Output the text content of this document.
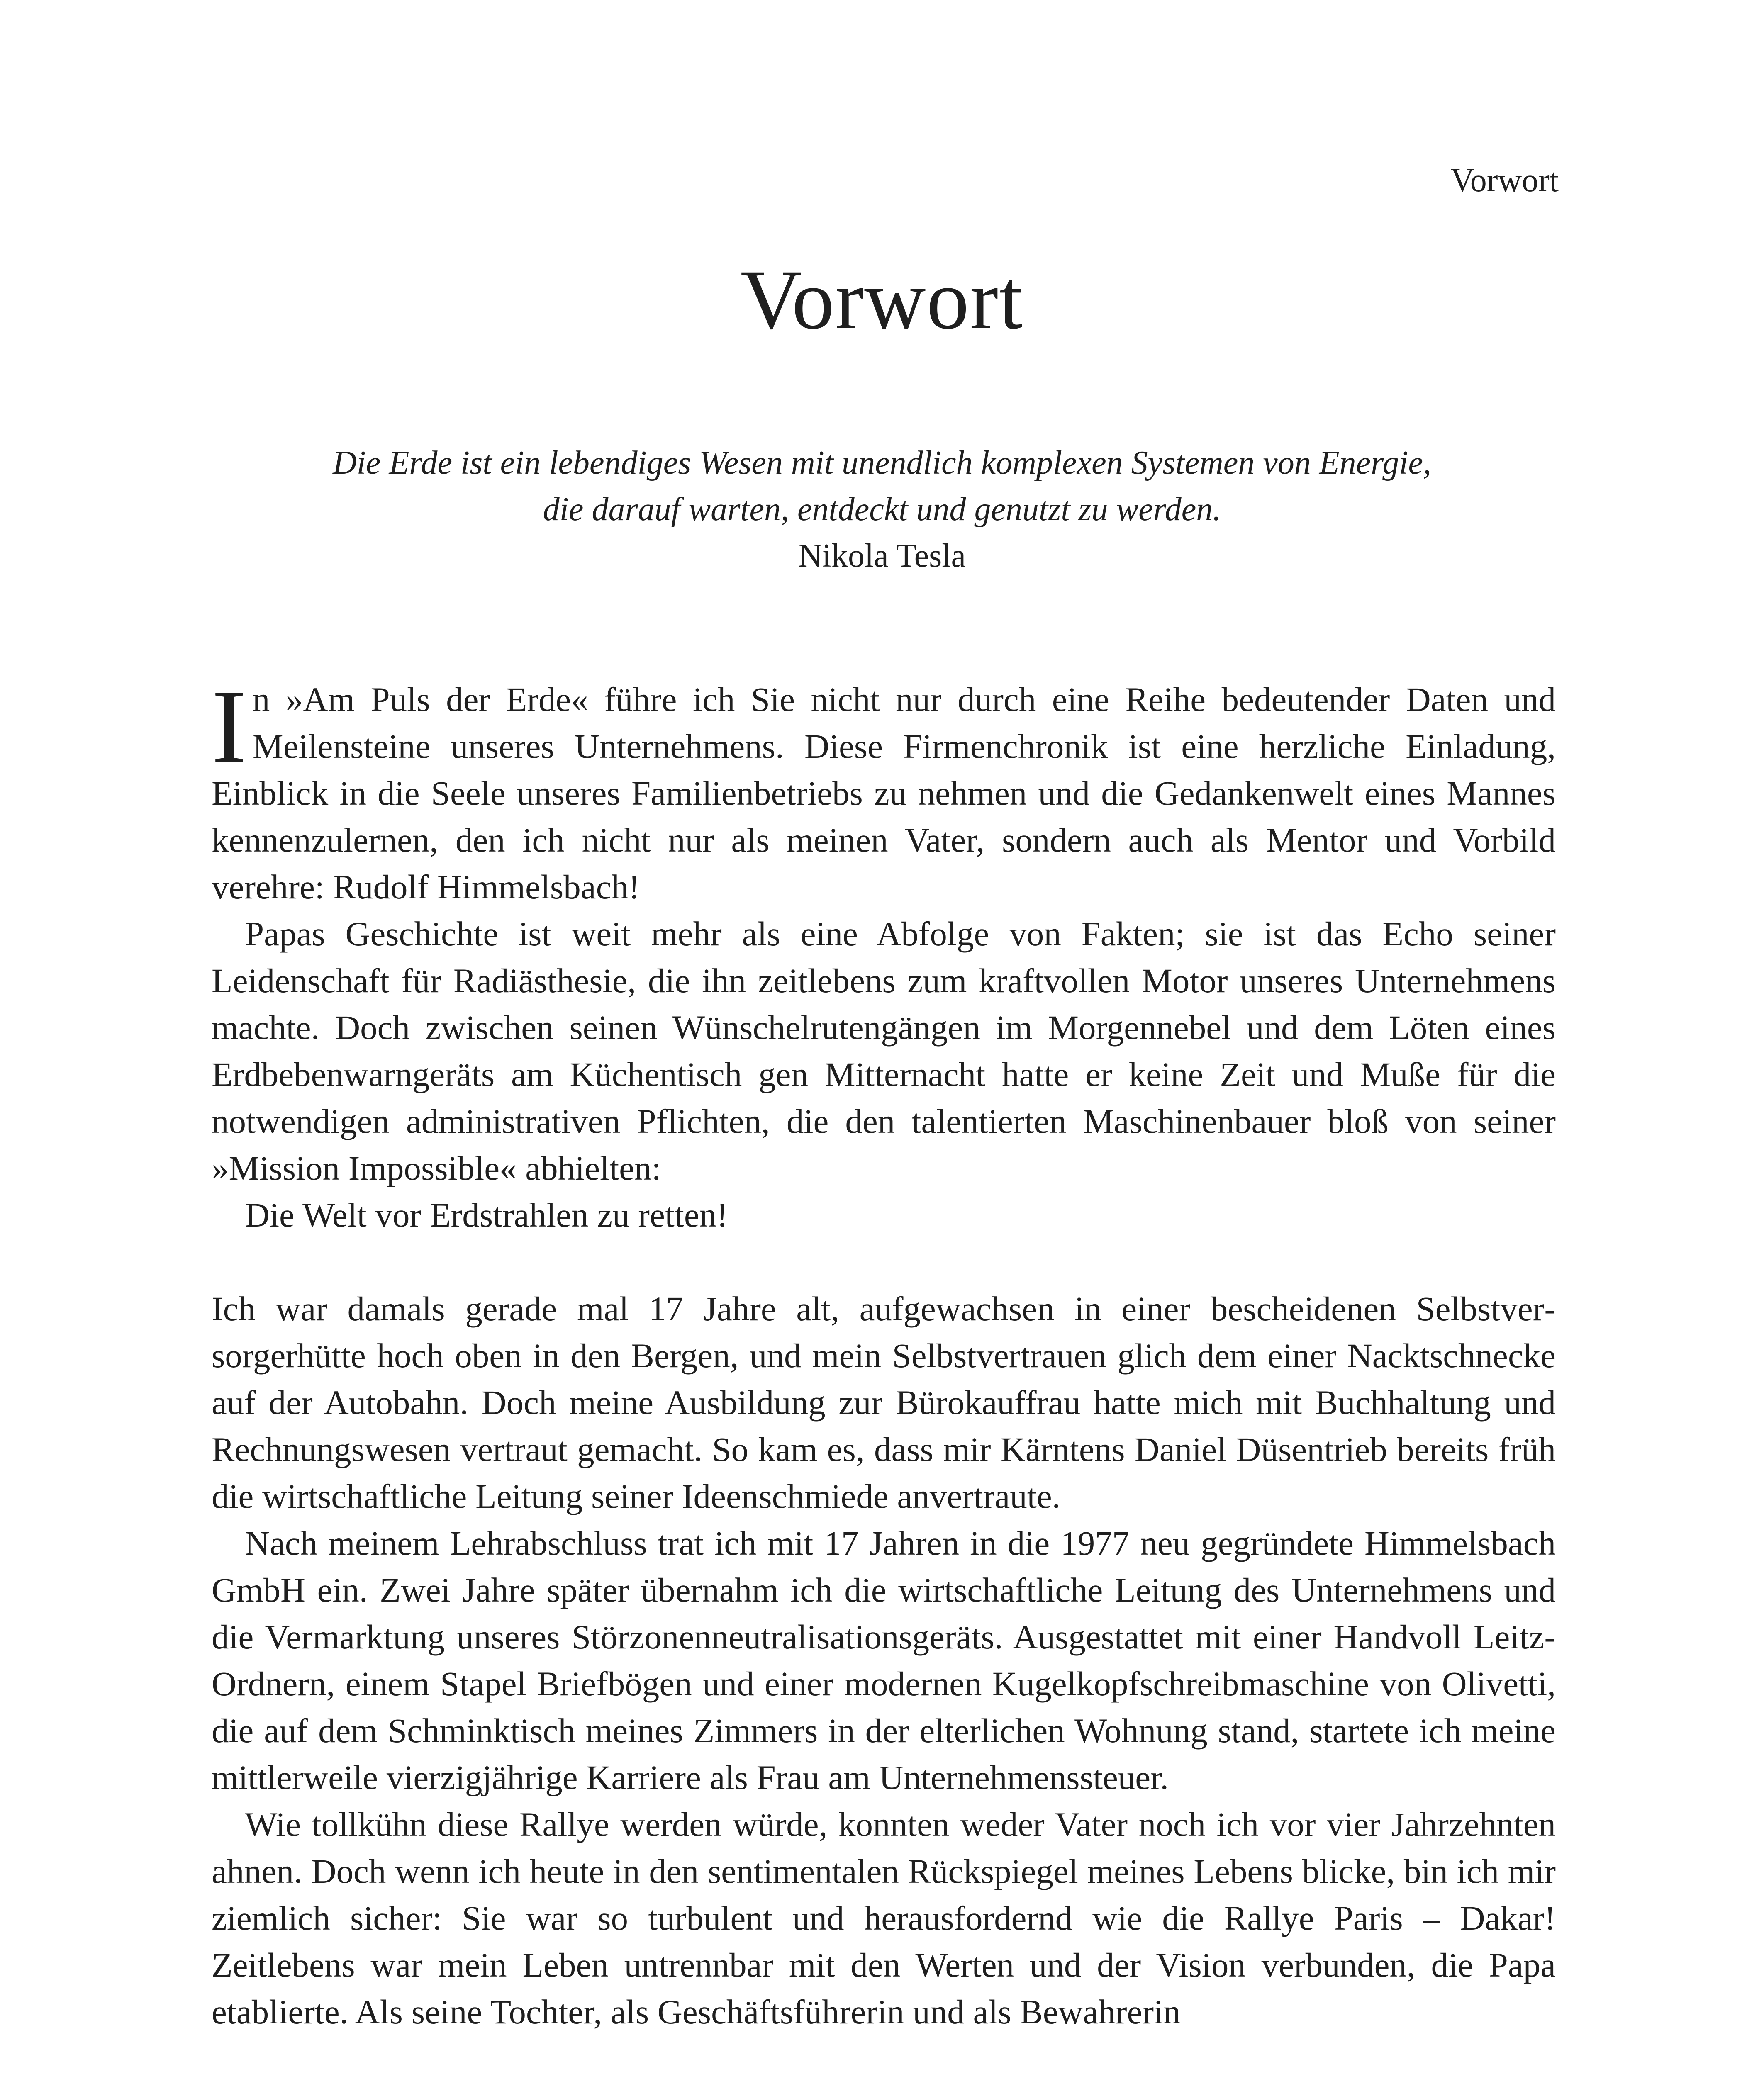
Vorwort
Vorwort
Die Erde ist ein lebendiges Wesen mit unendlich komplexen Systemen von Energie,
die darauf warten, entdeckt und genutzt zu werden.
Nikola Tesla

In »Am Puls der Erde« führe ich Sie nicht nur durch eine Reihe bedeutender Daten und Meilensteine unseres Unternehmens. Diese Firmenchronik ist eine herzliche Einladung, Einblick in die Seele unseres Familienbetriebs zu nehmen und die Gedankenwelt eines Mannes kennenzulernen, den ich nicht nur als meinen Vater, sondern auch als Mentor und Vorbild verehre: Rudolf Himmelsbach!

Papas Geschichte ist weit mehr als eine Abfolge von Fakten; sie ist das Echo seiner Leidenschaft für Radiästhesie, die ihn zeitlebens zum kraftvollen Motor unseres Unternehmens machte. Doch zwischen seinen Wünschelrutengängen im Morgennebel und dem Löten eines Erdbebenwarngeräts am Küchentisch gen Mitternacht hatte er keine Zeit und Muße für die notwendigen administrativen Pflichten, die den talentierten Maschinenbauer bloß von seiner »Mission Impossible« abhielten:

Die Welt vor Erdstrahlen zu retten!

Ich war damals gerade mal 17 Jahre alt, aufgewachsen in einer bescheidenen Selbstversorgerhütte hoch oben in den Bergen, und mein Selbstvertrauen glich dem einer Nacktschnecke auf der Autobahn. Doch meine Ausbildung zur Bürokauffrau hatte mich mit Buchhaltung und Rechnungswesen vertraut gemacht. So kam es, dass mir Kärntens Daniel Düsentrieb bereits früh die wirtschaftliche Leitung seiner Ideenschmiede anvertraute.

Nach meinem Lehrabschluss trat ich mit 17 Jahren in die 1977 neu gegründete Himmelsbach GmbH ein. Zwei Jahre später übernahm ich die wirtschaftliche Leitung des Unternehmens und die Vermarktung unseres Störzonenneutralisationsgeräts. Ausgestattet mit einer Handvoll Leitz-Ordnern, einem Stapel Briefbögen und einer modernen Kugelkopfschreibmaschine von Olivetti, die auf dem Schminktisch meines Zimmers in der elterlichen Wohnung stand, startete ich meine mittlerweile vierzigjährige Karriere als Frau am Unternehmenssteuer.

Wie tollkühn diese Rallye werden würde, konnten weder Vater noch ich vor vier Jahrzehnten ahnen. Doch wenn ich heute in den sentimentalen Rückspiegel meines Lebens blicke, bin ich mir ziemlich sicher: Sie war so turbulent und herausfordernd wie die Rallye Paris – Dakar! Zeitlebens war mein Leben untrennbar mit den Werten und der Vision verbunden, die Papa etablierte. Als seine Tochter, als Geschäftsführerin und als Bewahrerin
